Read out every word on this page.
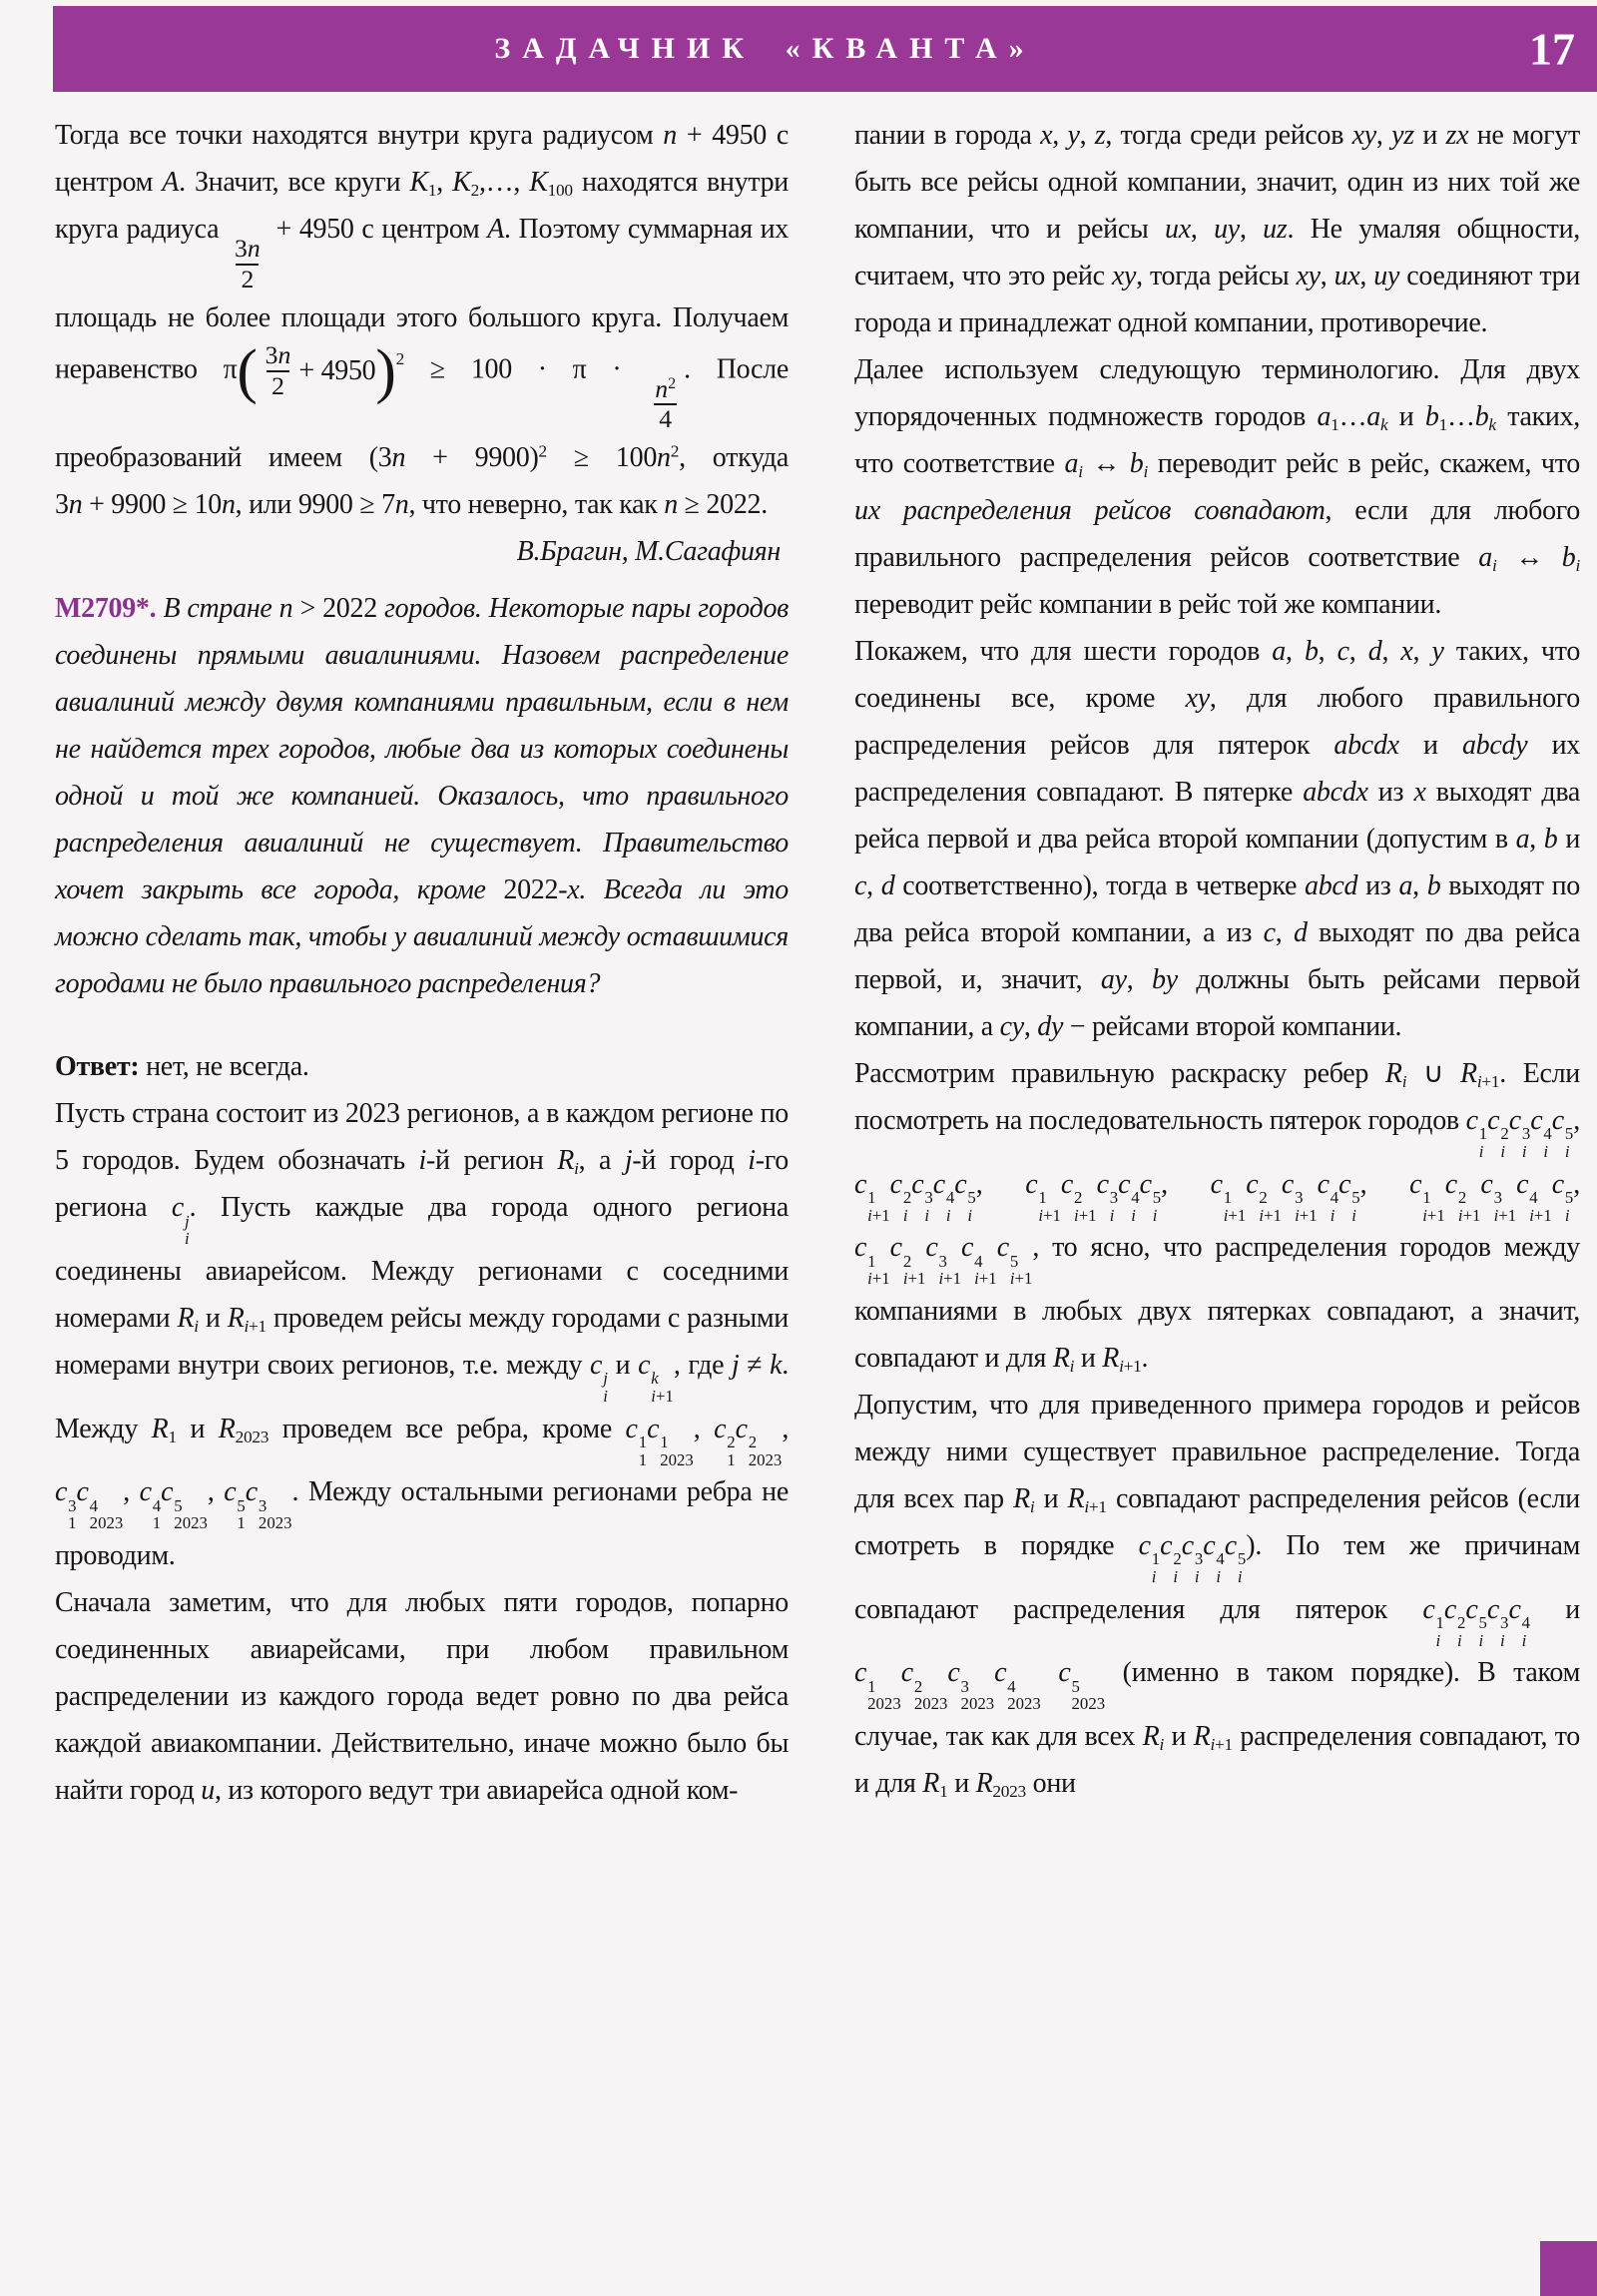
ЗАДАЧНИК «КВАНТА»	17
Тогда все точки находятся внутри круга радиусом n + 4950 с центром A. Значит, все круги $K_1$, $K_2,\dots$, $K_{100}$ находятся внутри круга радиуса
$\frac{3n}{2}$
+ 4950 с центром A. Поэтому суммарная их площадь не более площади этого большого круга. Получаем неравенство π ( $\frac{3n}{2} + 4950$ ) 2 ≥ 100 · π ·
$\frac{n^2}{4}$
. После преобразований имеем $(3n + 9900)^2 \ge 100n^2$, откуда 3n + 9900 ≥ 10n, или 9900 ≥ 7n, что неверно, так как n ≥ 2022.
В.Брагин, М.Сагафиян
М2709*. В стране n > 2022 городов. Некоторые пары городов соединены прямыми авиалиниями. Назовем распределение авиалиний между двумя компаниями правильным, если в нем не найдется трех городов, любые два из которых соединены одной и той же компанией. Оказалось, что правильного распределения авиалиний не существует. Правительство хочет закрыть все города, кроме 2022-х. Всегда ли это можно сделать так, чтобы у авиалиний между оставшимися городами не было правильного распределения?
Ответ: нет, не всегда.
Пусть страна состоит из 2023 регионов, а в каждом регионе по 5 городов. Будем обозначать i-й регион $R_i$, а j-й город i-го региона c j
i
. Пусть каждые два города одного региона соединены авиарейсом. Между регионами с соседними номерами $R_i$ и $R_{i+1}$ проведем рейсы между городами с разными номерами внутри своих регионов, т.е. между c j
i
и c k
i+1
, где j ≠ k. Между $R_1$ и $R_{2023}$ проведем все ребра, кроме c 1
1
c 1
2023
, c 2
1
c 2
2023
, c 3
1
c 4
2023
, c 4
1
c 5
2023
, c 5
1
c 3
2023
. Между остальными регионами ребра не проводим.
Сначала заметим, что для любых пяти городов, попарно соединенных авиарейсами, при любом правильном распределении из каждого города ведет ровно по два рейса каждой авиакомпании. Действительно, иначе можно было бы найти город u, из которого ведут три авиарейса одной ком-
пании в города x, y, z, тогда среди рейсов xy, yz и zx не могут быть все рейсы одной компании, значит, один из них той же компании, что и рейсы ux, uy, uz. Не умаляя общности, считаем, что это рейс xy, тогда рейсы xy, ux, uy соединяют три города и принадлежат одной компании, противоречие.
Далее используем следующую терминологию. Для двух упорядоченных подмножеств городов $a_1\dots a_k$ и $b_1\dots b_k$ таких, что соответствие $a_i$ ↔ $b_i$ переводит рейс в рейс, скажем, что их распределения рейсов совпадают, если для любого правильного распределения рейсов соответствие $a_i$ ↔ $b_i$ переводит рейс компании в рейс той же компании.
Покажем, что для шести городов a, b, c, d, x, y таких, что соединены все, кроме xy, для любого правильного распределения рейсов для пятерок abcdx и abcdy их распределения совпадают. В пятерке abcdx из x выходят два рейса первой и два рейса второй компании (допустим в a, b и c, d соответственно), тогда в четверке abcd из a, b выходят по два рейса второй компании, а из c, d выходят по два рейса первой, и, значит, ay, by должны быть рейсами первой компании, а cy, dy − рейсами второй компании.
Рассмотрим правильную раскраску ребер $R_i$ ∪ $R_{i+1}$. Если посмотреть на последовательность пятерок городов c 1
i
c 2
i
c 3
i
c 4
i
c 5
i
, c 1
i+1
c 2
i
c 3
i
c 4
i
c 5
i
, c 1
i+1
c 2
i+1
c 3
i
c 4
i
c 5
i
, c 1
i+1
c 2
i+1
c 3
i+1
c 4
i
c 5
i
, c 1
i+1
c 2
i+1
c 3
i+1
c 4
i+1
c 5
i
, c 1
i+1
c 2
i+1
c 3
i+1
c 4
i+1
c 5
i+1
, то ясно, что распределения городов между компаниями в любых двух пятерках совпадают, а значит, совпадают и для $R_i$ и $R_{i+1}$.
Допустим, что для приведенного примера городов и рейсов между ними существует правильное распределение. Тогда для всех пар $R_i$ и $R_{i+1}$ совпадают распределения рейсов (если смотреть в порядке c 1
i
c 2
i
c 3
i
c 4
i
c 5
i
). По тем же причинам совпадают распределения для пятерок c 1
i
c 2
i
c 5
i
c 3
i
c 4
i
и c 1
2023
c 2
2023
c 3
2023
c 4
2023
c 5
2023
(именно в таком порядке). В таком случае, так как для всех $R_i$ и $R_{i+1}$ распределения совпадают, то и для $R_1$ и $R_{2023}$ они
